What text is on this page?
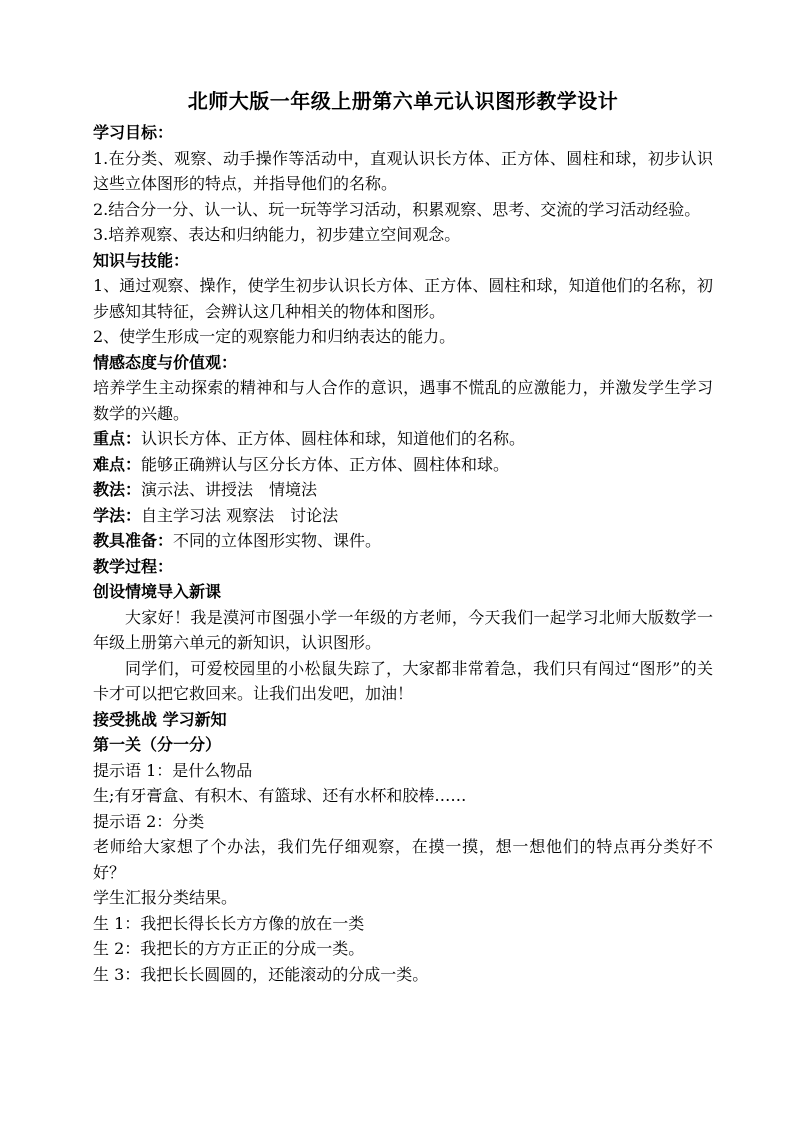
北师大版一年级上册第六单元认识图形教学设计

学习目标：

1.在分类、观察、动手操作等活动中，直观认识长方体、正方体、圆柱和球，初步认识这些立体图形的特点，并指导他们的名称。

2.结合分一分、认一认、玩一玩等学习活动，积累观察、思考、交流的学习活动经验。

3.培养观察、表达和归纳能力，初步建立空间观念。

知识与技能：

1、通过观察、操作，使学生初步认识长方体、正方体、圆柱和球，知道他们的名称，初步感知其特征，会辨认这几种相关的物体和图形。

2、使学生形成一定的观察能力和归纳表达的能力。

情感态度与价值观：

培养学生主动探索的精神和与人合作的意识，遇事不慌乱的应激能力，并激发学生学习数学的兴趣。

重点：认识长方体、正方体、圆柱体和球，知道他们的名称。

难点：能够正确辨认与区分长方体、正方体、圆柱体和球。

教法：演示法、讲授法　情境法

学法：自主学习法 观察法　讨论法

教具准备：不同的立体图形实物、课件。

教学过程：

创设情境导入新课

大家好！我是漠河市图强小学一年级的方老师，今天我们一起学习北师大版数学一年级上册第六单元的新知识，认识图形。

同学们，可爱校园里的小松鼠失踪了，大家都非常着急，我们只有闯过“图形”的关卡才可以把它救回来。让我们出发吧，加油！

接受挑战 学习新知

第一关（分一分）

提示语 1：是什么物品

生;有牙膏盒、有积木、有篮球、还有水杯和胶棒……

提示语 2：分类

老师给大家想了个办法，我们先仔细观察，在摸一摸，想一想他们的特点再分类好不好？

学生汇报分类结果。

生 1：我把长得长长方方像的放在一类

生 2：我把长的方方正正的分成一类。

生 3：我把长长圆圆的，还能滚动的分成一类。
